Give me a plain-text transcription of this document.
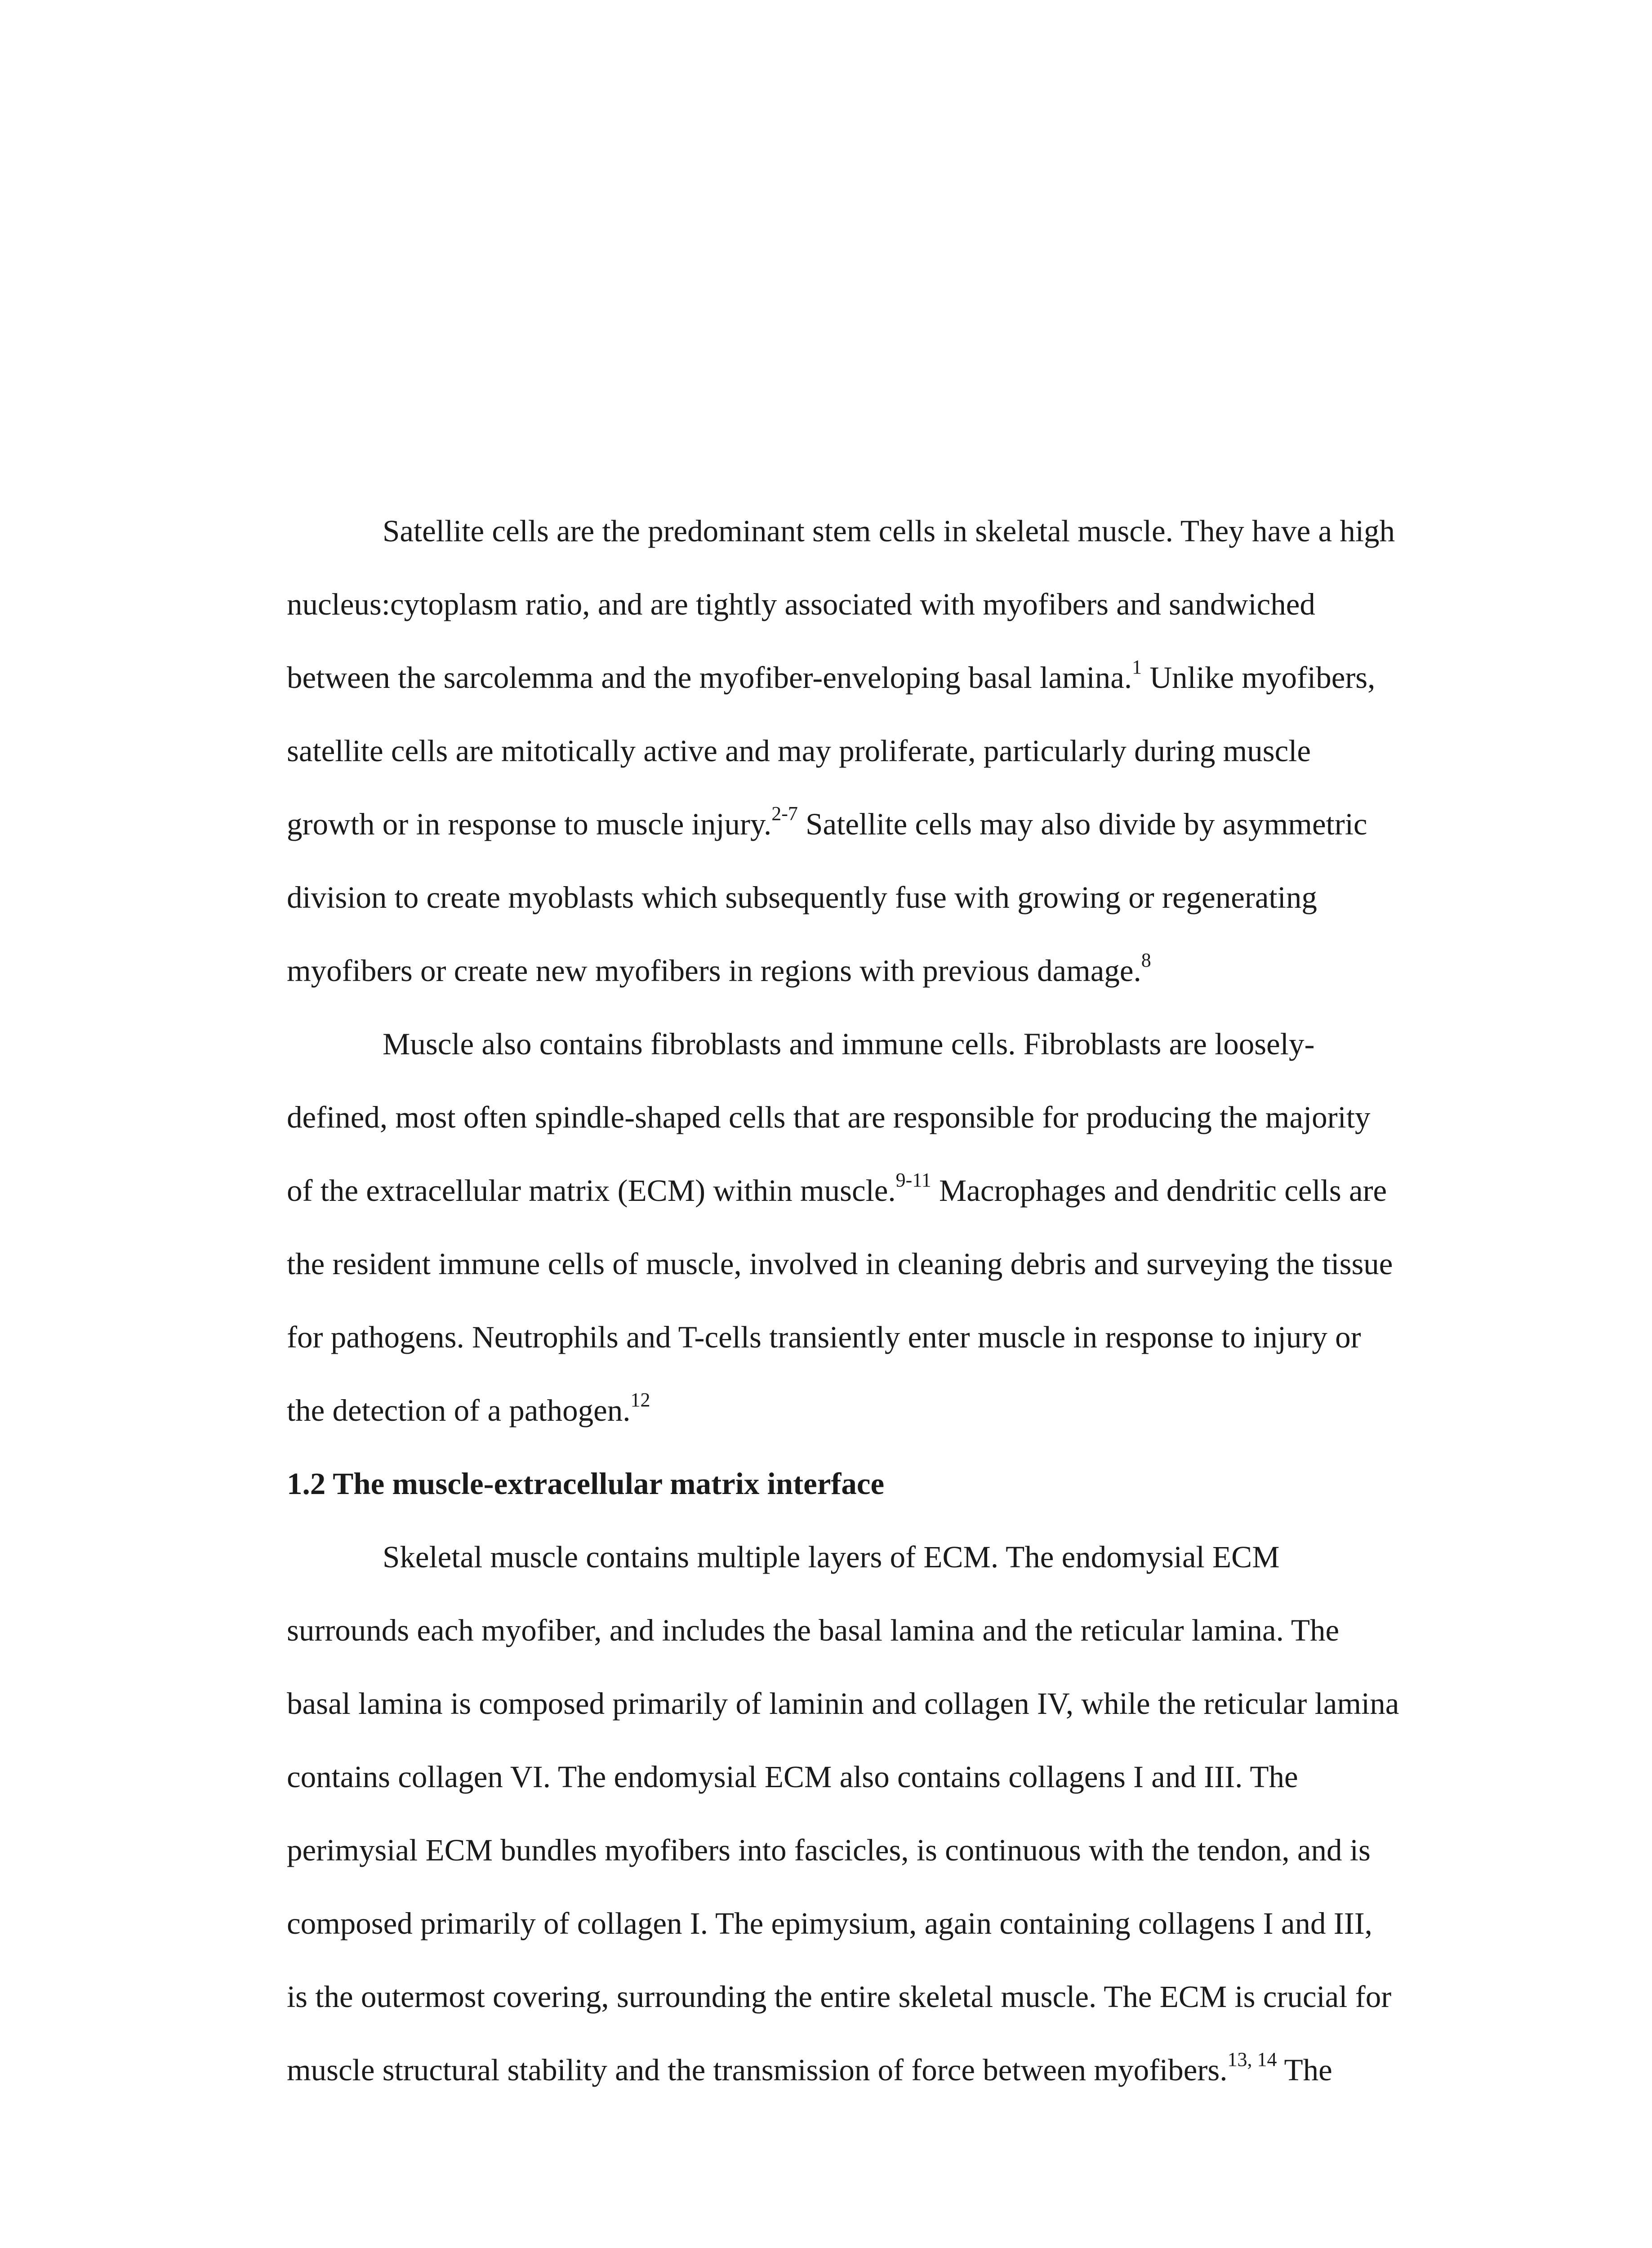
Satellite cells are the predominant stem cells in skeletal muscle. They have a high
nucleus:cytoplasm ratio, and are tightly associated with myofibers and sandwiched
between the sarcolemma and the myofiber-enveloping basal lamina.$^1$ Unlike myofibers,
satellite cells are mitotically active and may proliferate, particularly during muscle
growth or in response to muscle injury.$^{2-7}$ Satellite cells may also divide by asymmetric
division to create myoblasts which subsequently fuse with growing or regenerating
myofibers or create new myofibers in regions with previous damage.$^8$
Muscle also contains fibroblasts and immune cells. Fibroblasts are loosely-
defined, most often spindle-shaped cells that are responsible for producing the majority
of the extracellular matrix (ECM) within muscle.$^{9-11}$ Macrophages and dendritic cells are
the resident immune cells of muscle, involved in cleaning debris and surveying the tissue
for pathogens. Neutrophils and T-cells transiently enter muscle in response to injury or
the detection of a pathogen.$^{12}$
1.2 The muscle-extracellular matrix interface
Skeletal muscle contains multiple layers of ECM. The endomysial ECM
surrounds each myofiber, and includes the basal lamina and the reticular lamina. The
basal lamina is composed primarily of laminin and collagen IV, while the reticular lamina
contains collagen VI. The endomysial ECM also contains collagens I and III. The
perimysial ECM bundles myofibers into fascicles, is continuous with the tendon, and is
composed primarily of collagen I. The epimysium, again containing collagens I and III,
is the outermost covering, surrounding the entire skeletal muscle. The ECM is crucial for
muscle structural stability and the transmission of force between myofibers.$^{13, 14}$ The
